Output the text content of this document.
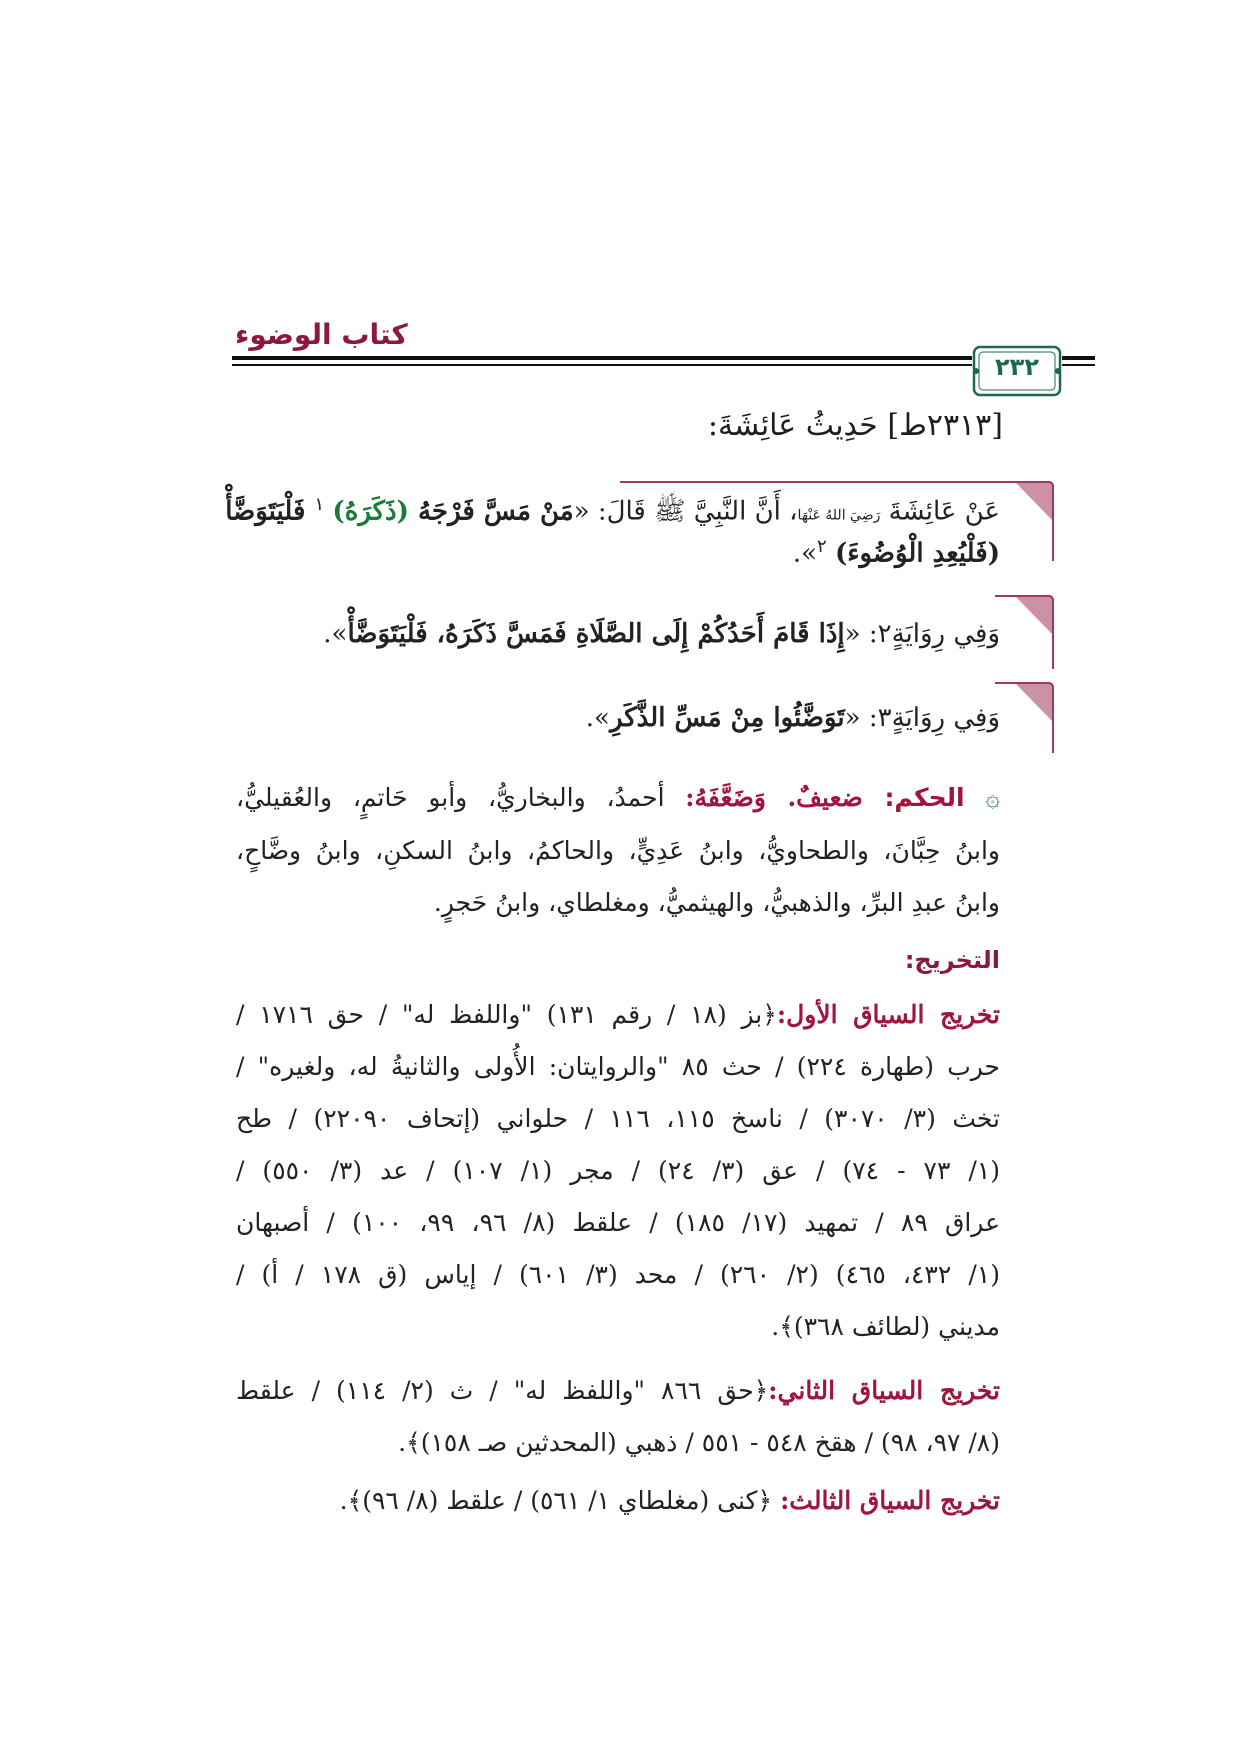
كتاب الوضوء
٢٣٢
[٢٣١٣ط] حَدِيثُ عَائِشَةَ:
عَنْ عَائِشَةَ رَضِيَ اللهُ عَنْهَا، أَنَّ النَّبِيَّ ﷺ قَالَ: «مَنْ مَسَّ فَرْجَهُ (ذَكَرَهُ) $^١$ فَلْيَتَوَضَّأْ
(فَلْيُعِدِ الْوُضُوءَ) $^٢$».
وَفِي رِوَايَةٍ٢: «إِذَا قَامَ أَحَدُكُمْ إِلَى الصَّلَاةِ فَمَسَّ ذَكَرَهُ، فَلْيَتَوَضَّأْ».
وَفِي رِوَايَةٍ٣: «تَوَضَّئُوا مِنْ مَسِّ الذَّكَرِ».
۞ الحكم: ضعيفٌ. وَضَعَّفَهُ: أحمدُ، والبخاريُّ، وأبو حَاتمٍ، والعُقيليُّ،
وابنُ حِبَّانَ، والطحاويُّ، وابنُ عَدِيٍّ، والحاكمُ، وابنُ السكنِ، وابنُ وضَّاحٍ،
وابنُ عبدِ البرِّ، والذهبيُّ، والهيثميُّ، ومغلطاي، وابنُ حَجرٍ.
التخريج:
تخريج السياق الأول:﴿بز (١٨ / رقم ١٣١) "واللفظ له" / حق ١٧١٦ /
حرب (طهارة ٢٢٤) / حث ٨٥ "والروايتان: الأُولى والثانيةُ له، ولغيره" /
تخث (٣/ ٣٠٧٠) / ناسخ ١١٥، ١١٦ / حلواني (إتحاف ٢٢٠٩٠) / طح
(١/ ٧٣ - ٧٤) / عق (٣/ ٢٤) / مجر (١/ ١٠٧) / عد (٣/ ٥٥٠) /
عراق ٨٩ / تمهيد (١٧/ ١٨٥) / علقط (٨/ ٩٦، ٩٩، ١٠٠) / أصبهان
(١/ ٤٣٢، ٤٦٥) (٢/ ٢٦٠) / محد (٣/ ٦٠١) / إياس (ق ١٧٨ / أ) /
مديني (لطائف ٣٦٨)﴾.
تخريج السياق الثاني:﴿حق ٨٦٦ "واللفظ له" / ث (٢/ ١١٤) / علقط
(٨/ ٩٧، ٩٨) / هقخ ٥٤٨ - ٥٥١ / ذهبي (المحدثين صـ ١٥٨)﴾.
تخريج السياق الثالث: ﴿كنى (مغلطاي ١/ ٥٦١) / علقط (٨/ ٩٦)﴾.
